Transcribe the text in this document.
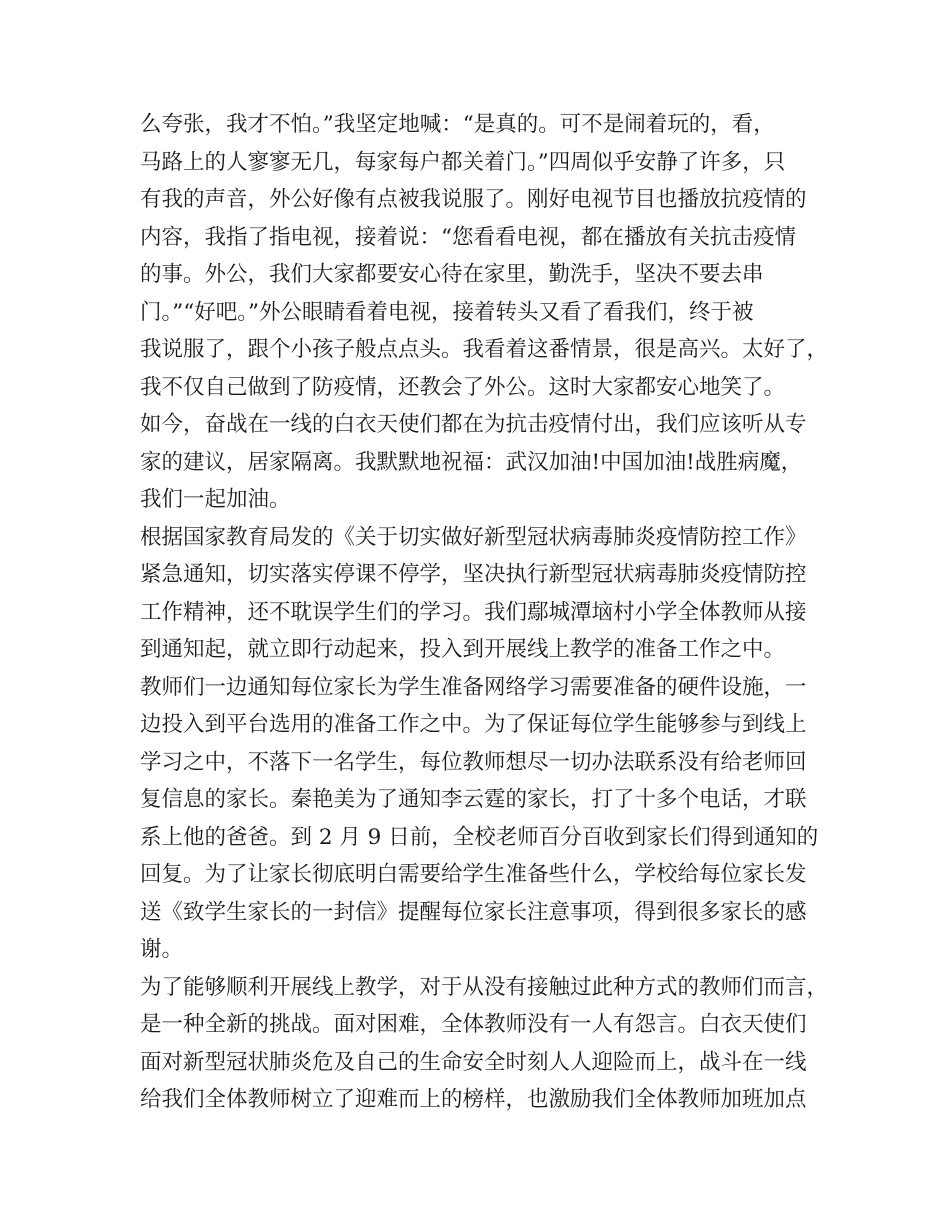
么夸张，我才不怕。”我坚定地喊：“是真的。可不是闹着玩的，看，

马路上的人寥寥无几，每家每户都关着门。”四周似乎安静了许多，只

有我的声音，外公好像有点被我说服了。刚好电视节目也播放抗疫情的

内容，我指了指电视，接着说：“您看看电视，都在播放有关抗击疫情

的事。外公，我们大家都要安心待在家里，勤洗手，坚决不要去串

门。”“好吧。”外公眼睛看着电视，接着转头又看了看我们，终于被

我说服了，跟个小孩子般点点头。我看着这番情景，很是高兴。太好了，

我不仅自己做到了防疫情，还教会了外公。这时大家都安心地笑了。

如今，奋战在一线的白衣天使们都在为抗击疫情付出，我们应该听从专

家的建议，居家隔离。我默默地祝福：武汉加油!中国加油!战胜病魔，

我们一起加油。

根据国家教育局发的《关于切实做好新型冠状病毒肺炎疫情防控工作》

紧急通知，切实落实停课不停学，坚决执行新型冠状病毒肺炎疫情防控

工作精神，还不耽误学生们的学习。我们鄢城潭垴村小学全体教师从接

到通知起，就立即行动起来，投入到开展线上教学的准备工作之中。

教师们一边通知每位家长为学生准备网络学习需要准备的硬件设施，一

边投入到平台选用的准备工作之中。为了保证每位学生能够参与到线上

学习之中，不落下一名学生，每位教师想尽一切办法联系没有给老师回

复信息的家长。秦艳美为了通知李云霆的家长，打了十多个电话，才联

系上他的爸爸。到 2 月 9 日前，全校老师百分百收到家长们得到通知的

回复。为了让家长彻底明白需要给学生准备些什么，学校给每位家长发

送《致学生家长的一封信》提醒每位家长注意事项，得到很多家长的感

谢。

为了能够顺利开展线上教学，对于从没有接触过此种方式的教师们而言，

是一种全新的挑战。面对困难，全体教师没有一人有怨言。白衣天使们

面对新型冠状肺炎危及自己的生命安全时刻人人迎险而上，战斗在一线

给我们全体教师树立了迎难而上的榜样，也激励我们全体教师加班加点
